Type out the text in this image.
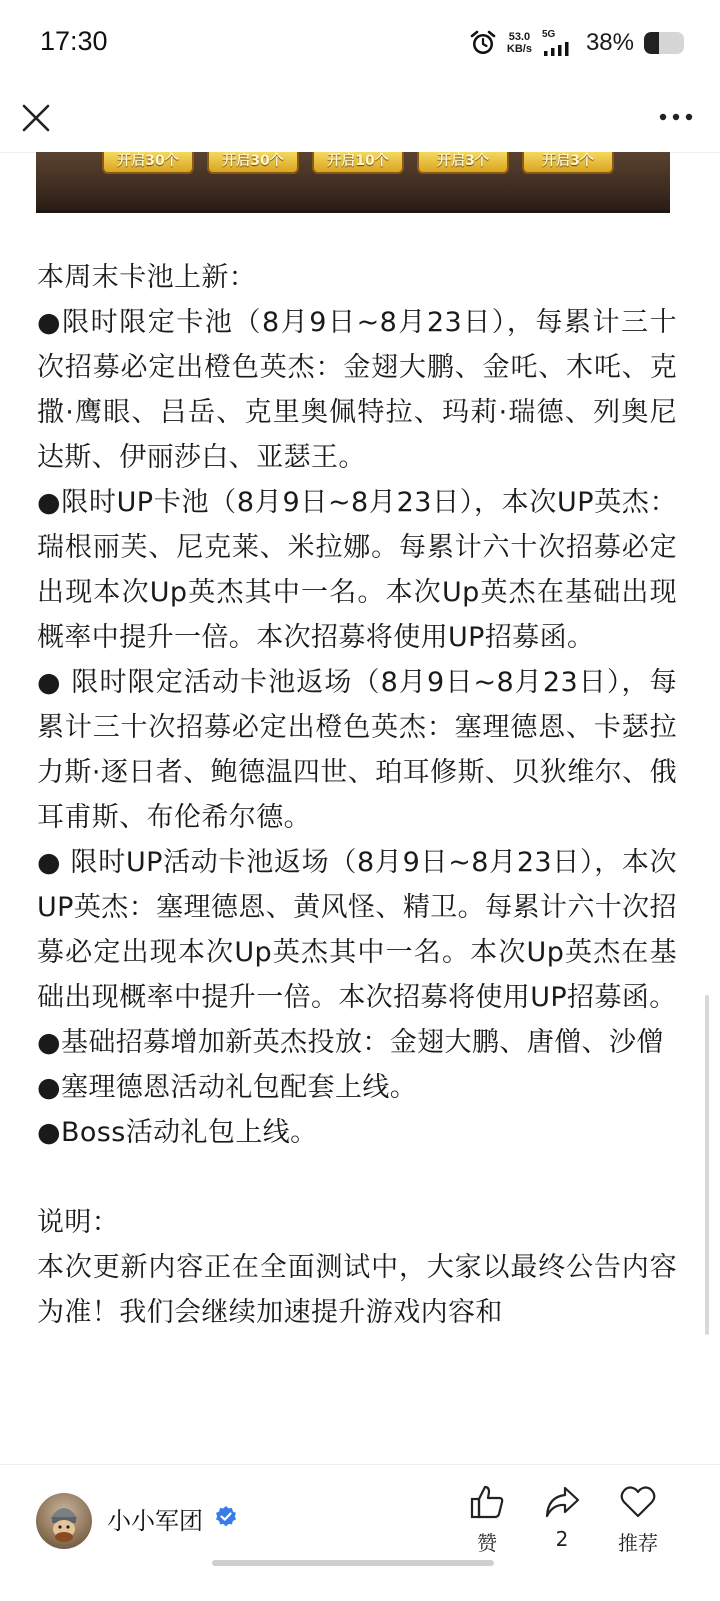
17:30	53.0
KB/s
5G 38%
开启30个	开启30个	开启10个	开启3个	开启3个

本周末卡池上新：

●限时限定卡池（8月9日~8月23日），每累计三十次招募必定出橙色英杰：金翅大鹏、金吒、木吒、克撒·鹰眼、吕岳、克里奥佩特拉、玛莉·瑞德、列奥尼达斯、伊丽莎白、亚瑟王。

●限时UP卡池（8月9日~8月23日），本次UP英杰：瑞根丽芙、尼克莱、米拉娜。每累计六十次招募必定出现本次Up英杰其中一名。本次Up英杰在基础出现概率中提升一倍。本次招募将使用UP招募函。

● 限时限定活动卡池返场（8月9日~8月23日），每累计三十次招募必定出橙色英杰：塞理德恩、卡瑟拉力斯·逐日者、鲍德温四世、珀耳修斯、贝狄维尔、俄耳甫斯、布伦希尔德。

● 限时UP活动卡池返场（8月9日~8月23日），本次UP英杰：塞理德恩、黄风怪、精卫。每累计六十次招募必定出现本次Up英杰其中一名。本次Up英杰在基础出现概率中提升一倍。本次招募将使用UP招募函。

●基础招募增加新英杰投放：金翅大鹏、唐僧、沙僧

●塞理德恩活动礼包配套上线。

●Boss活动礼包上线。

说明：

本次更新内容正在全面测试中，大家以最终公告内容为准！我们会继续加速提升游戏内容和

小小军团
赞	2	推荐
